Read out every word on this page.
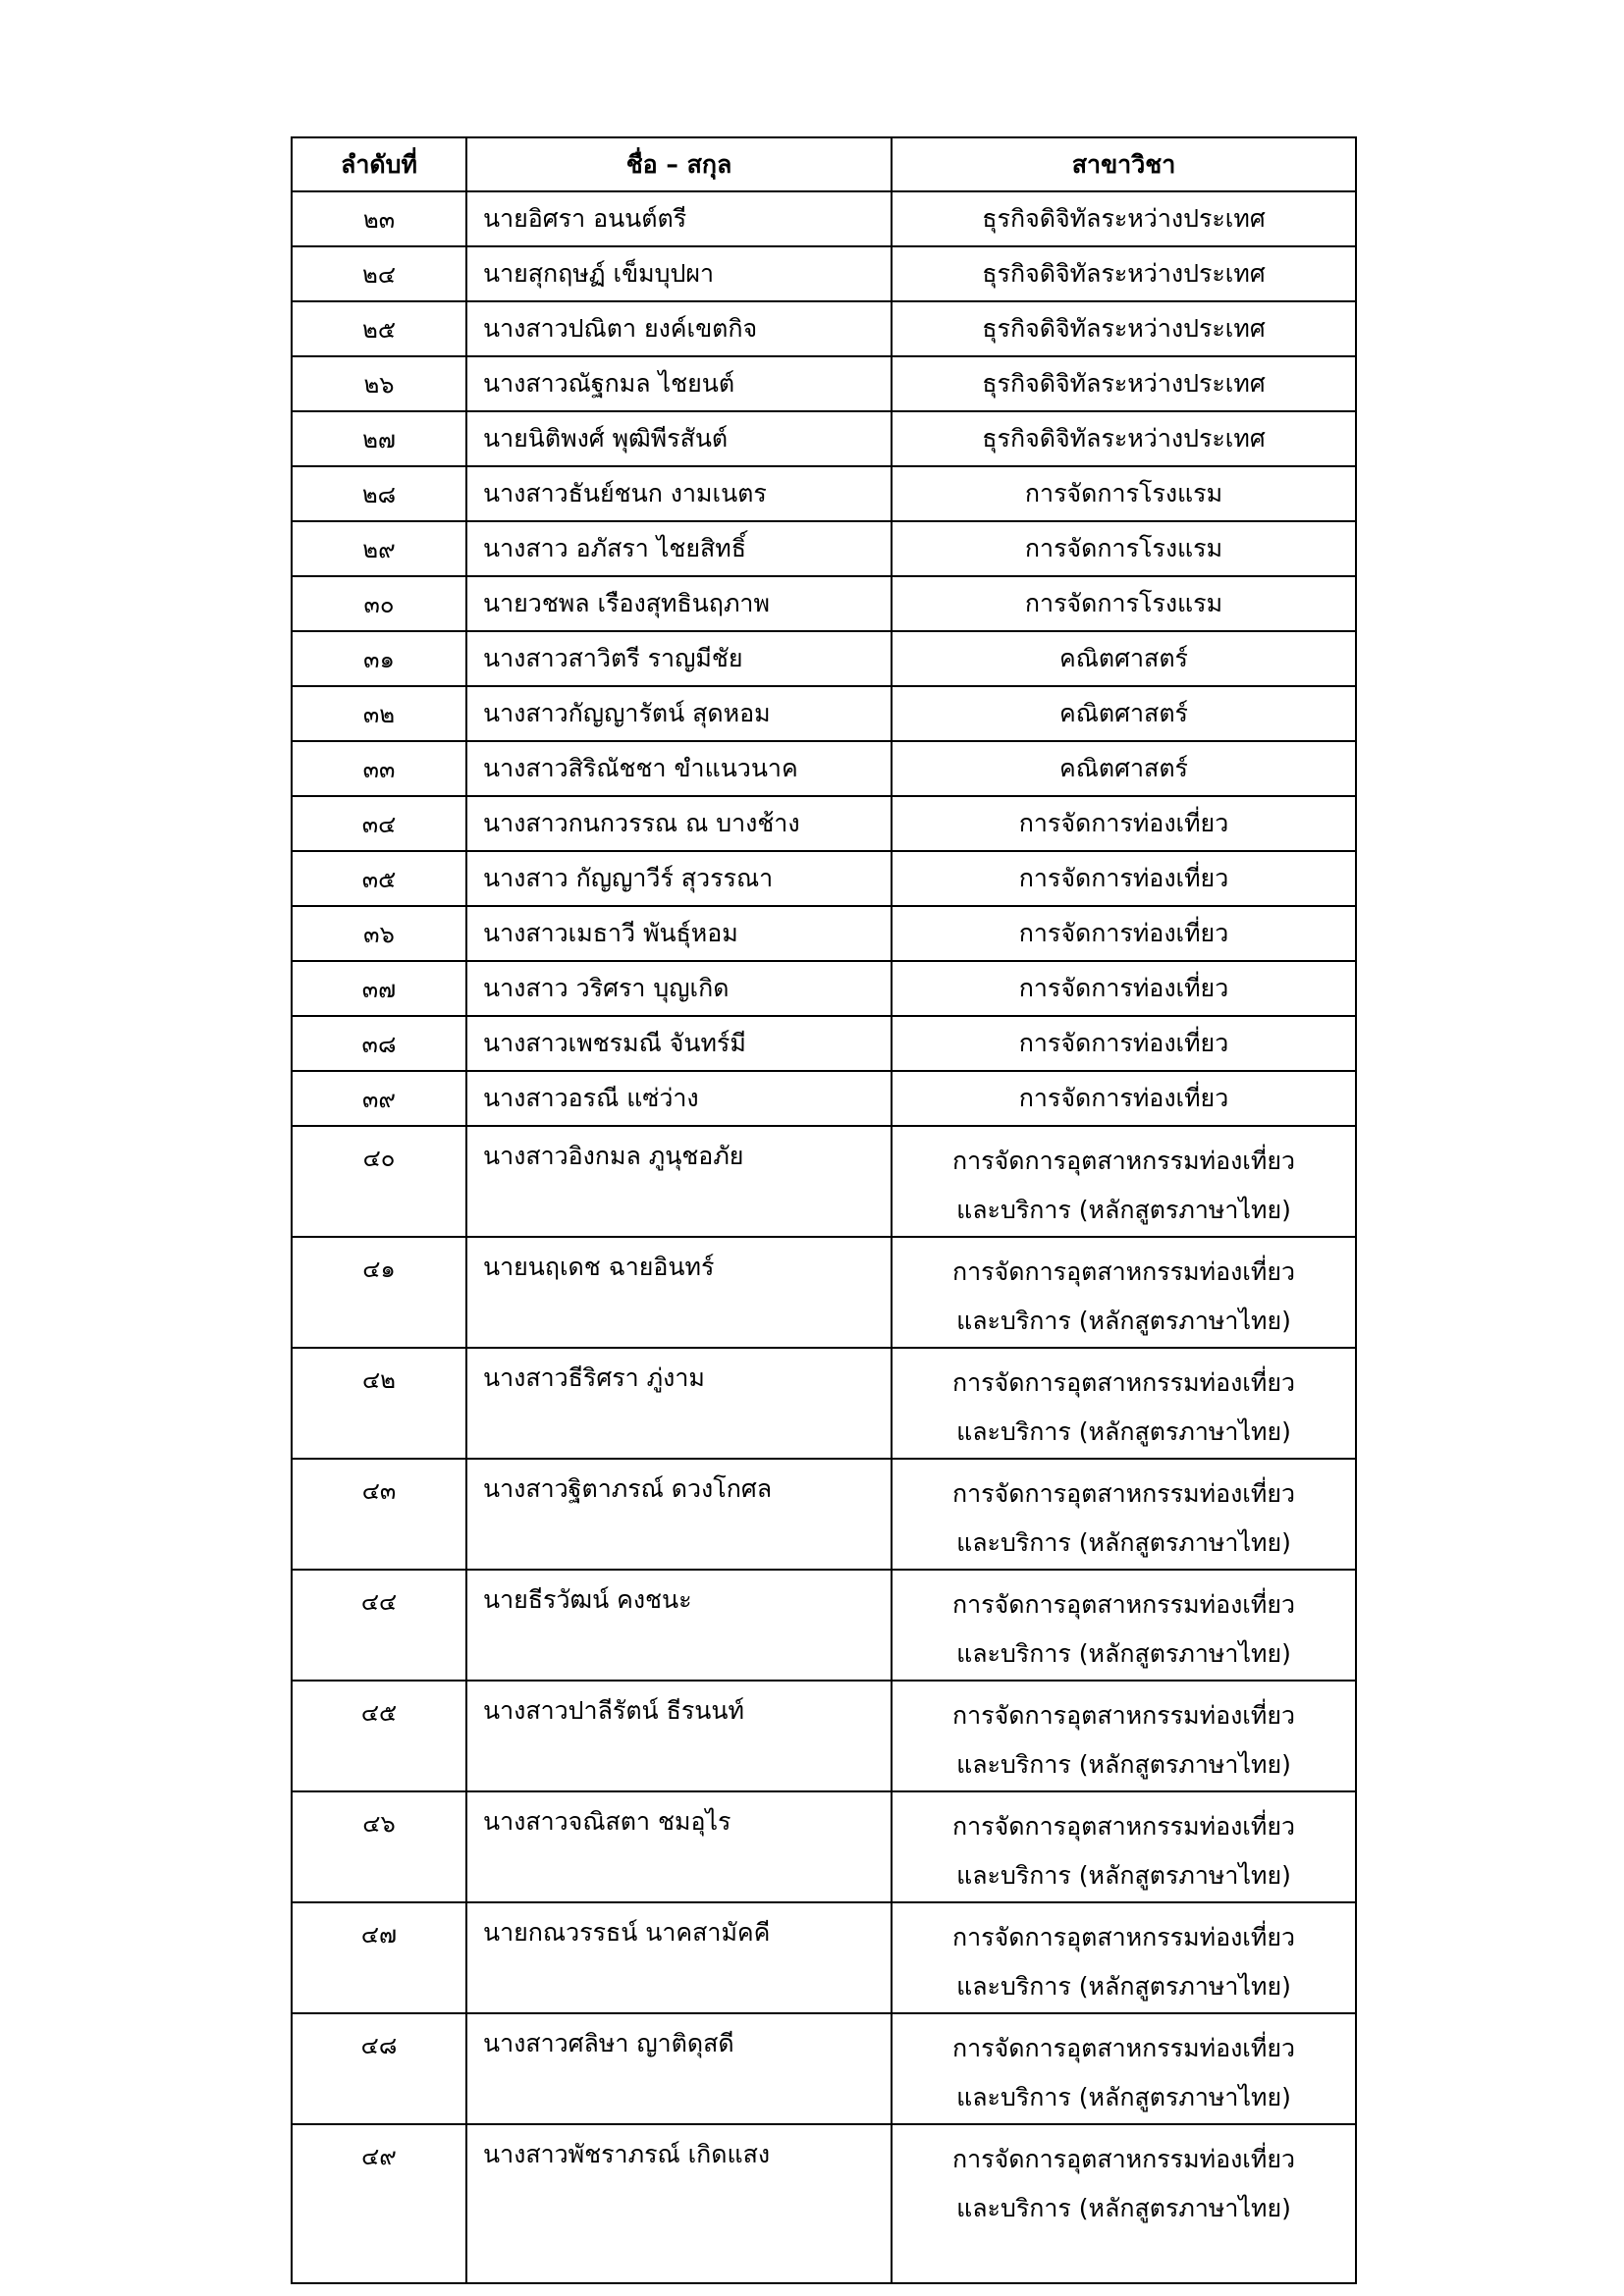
ลำดับที่	ชื่อ – สกุล	สาขาวิชา
๒๓	นายอิศรา อนนต์ตรี	ธุรกิจดิจิทัลระหว่างประเทศ

๒๔	นายสุกฤษฏ์ เข็มบุปผา	ธุรกิจดิจิทัลระหว่างประเทศ

๒๕	นางสาวปณิตา ยงค์เขตกิจ	ธุรกิจดิจิทัลระหว่างประเทศ

๒๖	นางสาวณัฐกมล ไชยนต์	ธุรกิจดิจิทัลระหว่างประเทศ

๒๗	นายนิติพงศ์ พุฒิพีรสันต์	ธุรกิจดิจิทัลระหว่างประเทศ

๒๘	นางสาวธันย์ชนก งามเนตร	การจัดการโรงแรม

๒๙	นางสาว อภัสรา ไชยสิทธิ์	การจัดการโรงแรม

๓๐	นายวชพล เรืองสุทธินฤภาพ	การจัดการโรงแรม

๓๑	นางสาวสาวิตรี ราญมีชัย	คณิตศาสตร์

๓๒	นางสาวกัญญารัตน์ สุดหอม	คณิตศาสตร์

๓๓	นางสาวสิริณัชชา ขำแนวนาค	คณิตศาสตร์

๓๔	นางสาวกนกวรรณ ณ บางช้าง	การจัดการท่องเที่ยว

๓๕	นางสาว กัญญาวีร์ สุวรรณา	การจัดการท่องเที่ยว

๓๖	นางสาวเมธาวี พันธุ์หอม	การจัดการท่องเที่ยว

๓๗	นางสาว วริศรา บุญเกิด	การจัดการท่องเที่ยว

๓๘	นางสาวเพชรมณี จันทร์มี	การจัดการท่องเที่ยว

๓๙	นางสาวอรณี แซ่ว่าง	การจัดการท่องเที่ยว

๔๐	นางสาวอิงกมล ภูนุชอภัย	การจัดการอุตสาหกรรมท่องเที่ยว
และบริการ (หลักสูตรภาษาไทย)

๔๑	นายนฤเดช ฉายอินทร์	การจัดการอุตสาหกรรมท่องเที่ยว
และบริการ (หลักสูตรภาษาไทย)

๔๒	นางสาวธีริศรา ภู่งาม	การจัดการอุตสาหกรรมท่องเที่ยว
และบริการ (หลักสูตรภาษาไทย)

๔๓	นางสาวฐิตาภรณ์ ดวงโกศล	การจัดการอุตสาหกรรมท่องเที่ยว
และบริการ (หลักสูตรภาษาไทย)

๔๔	นายธีรวัฒน์ คงชนะ	การจัดการอุตสาหกรรมท่องเที่ยว
และบริการ (หลักสูตรภาษาไทย)

๔๕	นางสาวปาลีรัตน์ ธีรนนท์	การจัดการอุตสาหกรรมท่องเที่ยว
และบริการ (หลักสูตรภาษาไทย)

๔๖	นางสาวจณิสตา ชมอุไร	การจัดการอุตสาหกรรมท่องเที่ยว
และบริการ (หลักสูตรภาษาไทย)

๔๗	นายกณวรรธน์ นาคสามัคคี	การจัดการอุตสาหกรรมท่องเที่ยว
และบริการ (หลักสูตรภาษาไทย)

๔๘	นางสาวศลิษา ญาติดุสดี	การจัดการอุตสาหกรรมท่องเที่ยว
และบริการ (หลักสูตรภาษาไทย)

๔๙	นางสาวพัชราภรณ์ เกิดแสง	การจัดการอุตสาหกรรมท่องเที่ยว
และบริการ (หลักสูตรภาษาไทย)
